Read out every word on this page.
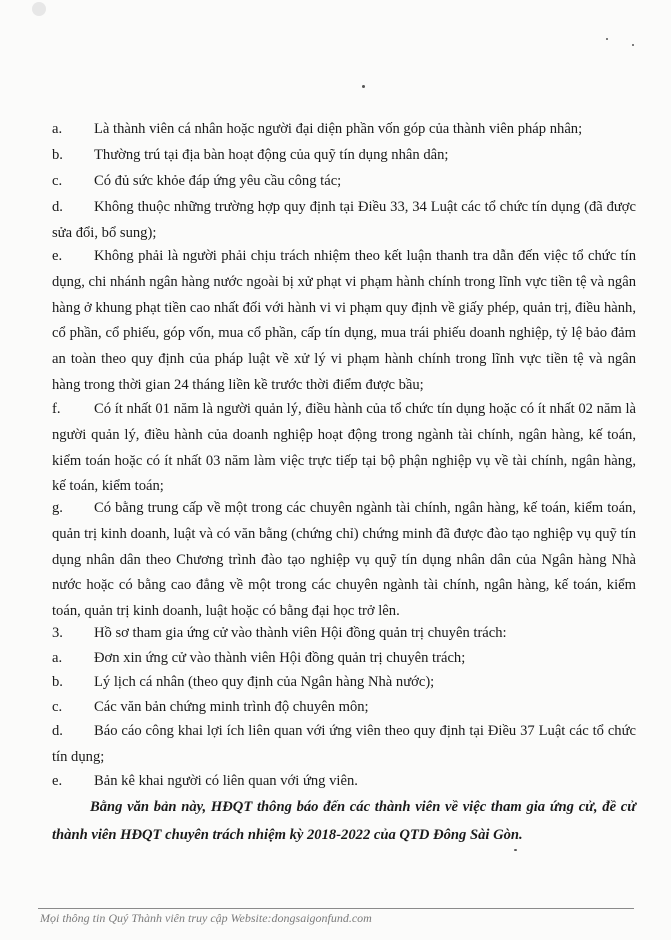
a. Là thành viên cá nhân hoặc người đại diện phần vốn góp của thành viên pháp nhân;
b. Thường trú tại địa bàn hoạt động của quỹ tín dụng nhân dân;
c. Có đủ sức khỏe đáp ứng yêu cầu công tác;
d. Không thuộc những trường hợp quy định tại Điều 33, 34 Luật các tổ chức tín dụng (đã được sửa đổi, bổ sung);
e. Không phải là người phải chịu trách nhiệm theo kết luận thanh tra dẫn đến việc tổ chức tín dụng, chi nhánh ngân hàng nước ngoài bị xử phạt vi phạm hành chính trong lĩnh vực tiền tệ và ngân hàng ở khung phạt tiền cao nhất đối với hành vi vi phạm quy định về giấy phép, quản trị, điều hành, cổ phần, cổ phiếu, góp vốn, mua cổ phần, cấp tín dụng, mua trái phiếu doanh nghiệp, tỷ lệ bảo đảm an toàn theo quy định của pháp luật về xử lý vi phạm hành chính trong lĩnh vực tiền tệ và ngân hàng trong thời gian 24 tháng liền kề trước thời điểm được bầu;
f. Có ít nhất 01 năm là người quản lý, điều hành của tổ chức tín dụng hoặc có ít nhất 02 năm là người quản lý, điều hành của doanh nghiệp hoạt động trong ngành tài chính, ngân hàng, kế toán, kiểm toán hoặc có ít nhất 03 năm làm việc trực tiếp tại bộ phận nghiệp vụ về tài chính, ngân hàng, kế toán, kiểm toán;
g. Có bằng trung cấp về một trong các chuyên ngành tài chính, ngân hàng, kế toán, kiểm toán, quản trị kinh doanh, luật và có văn bằng (chứng chỉ) chứng minh đã được đào tạo nghiệp vụ quỹ tín dụng nhân dân theo Chương trình đào tạo nghiệp vụ quỹ tín dụng nhân dân của Ngân hàng Nhà nước hoặc có bằng cao đẳng về một trong các chuyên ngành tài chính, ngân hàng, kế toán, kiểm toán, quản trị kinh doanh, luật hoặc có bằng đại học trở lên.
3. Hồ sơ tham gia ứng cử vào thành viên Hội đồng quản trị chuyên trách:
a. Đơn xin ứng cử vào thành viên Hội đồng quản trị chuyên trách;
b. Lý lịch cá nhân (theo quy định của Ngân hàng Nhà nước);
c. Các văn bản chứng minh trình độ chuyên môn;
d. Báo cáo công khai lợi ích liên quan với ứng viên theo quy định tại Điều 37 Luật các tổ chức tín dụng;
e. Bản kê khai người có liên quan với ứng viên.
Bằng văn bản này, HĐQT thông báo đến các thành viên về việc tham gia ứng cử, đề cử thành viên HĐQT chuyên trách nhiệm kỳ 2018-2022 của QTD Đông Sài Gòn.
Mọi thông tin Quý Thành viên truy cập Website:dongsaigonfund.com
